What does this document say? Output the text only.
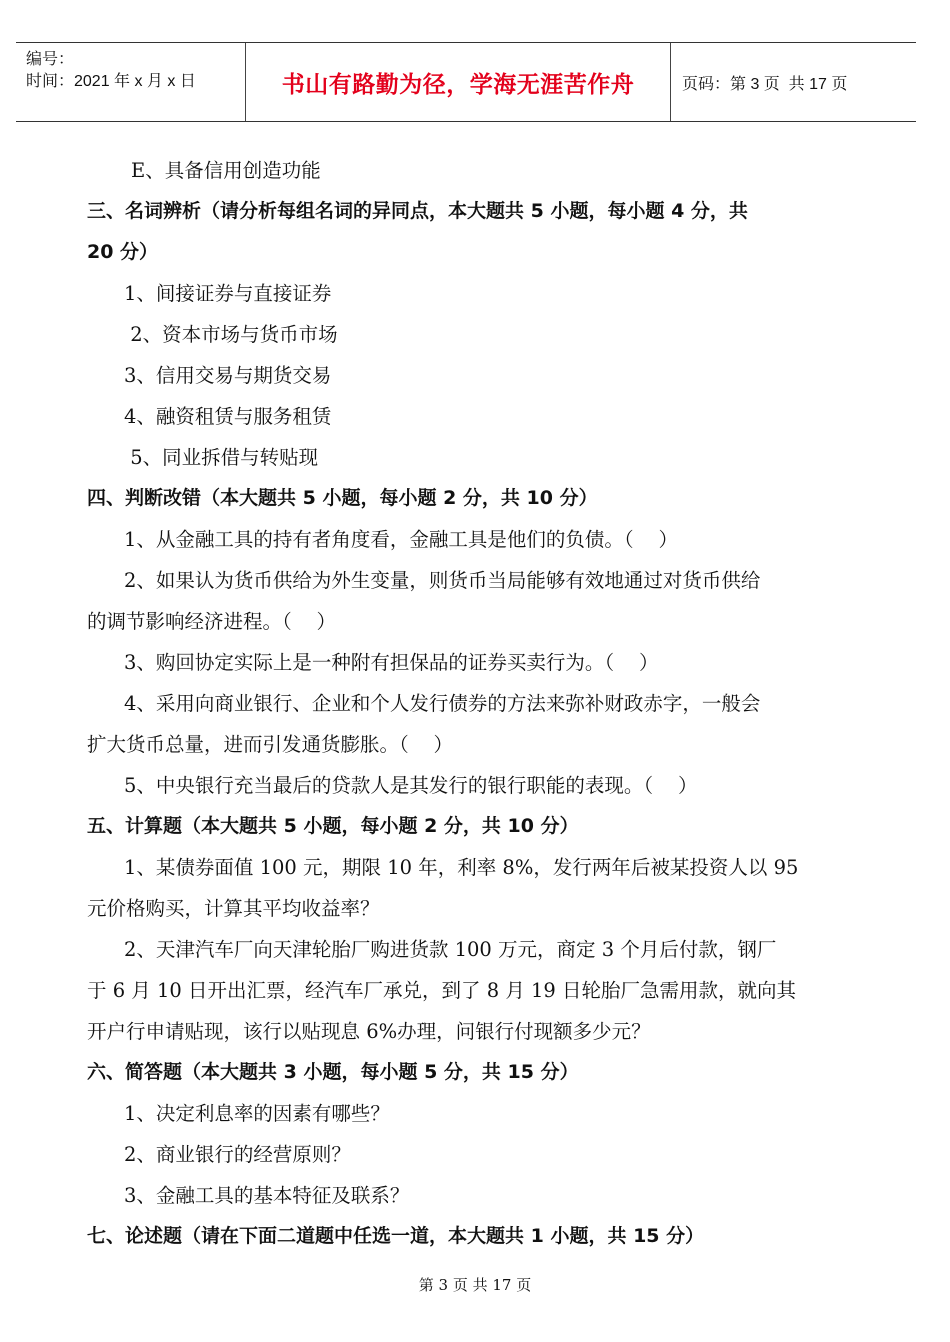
编号：
时间：2021 年 x 月 x 日	书山有路勤为径，学海无涯苦作舟	页码：第 3 页  共 17 页
E、具备信用创造功能
三、名词辨析（请分析每组名词的异同点，本大题共 5 小题，每小题 4 分，共
20 分）
1、间接证券与直接证券
2、资本市场与货币市场
3、信用交易与期货交易
4、融资租赁与服务租赁
5、同业拆借与转贴现
四、判断改错（本大题共 5 小题，每小题 2 分，共 10 分）
1、从金融工具的持有者角度看，金融工具是他们的负债。（    ）
2、如果认为货币供给为外生变量，则货币当局能够有效地通过对货币供给
的调节影响经济进程。（    ）
3、购回协定实际上是一种附有担保品的证券买卖行为。（    ）
4、采用向商业银行、企业和个人发行债券的方法来弥补财政赤字，一般会
扩大货币总量，进而引发通货膨胀。（    ）
5、中央银行充当最后的贷款人是其发行的银行职能的表现。（    ）
五、计算题（本大题共 5 小题，每小题 2 分，共 10 分）
1、某债券面值 100 元，期限 10 年，利率 8%，发行两年后被某投资人以 95
元价格购买，计算其平均收益率？
2、天津汽车厂向天津轮胎厂购进货款 100 万元，商定 3 个月后付款，钢厂
于 6 月 10 日开出汇票，经汽车厂承兑，到了 8 月 19 日轮胎厂急需用款，就向其
开户行申请贴现，该行以贴现息 6%办理，问银行付现额多少元？
六、简答题（本大题共 3 小题，每小题 5 分，共 15 分）
1、决定利息率的因素有哪些？
2、商业银行的经营原则？
3、金融工具的基本特征及联系？
七、论述题（请在下面二道题中任选一道，本大题共 1 小题，共 15 分）
第 3 页 共 17 页
